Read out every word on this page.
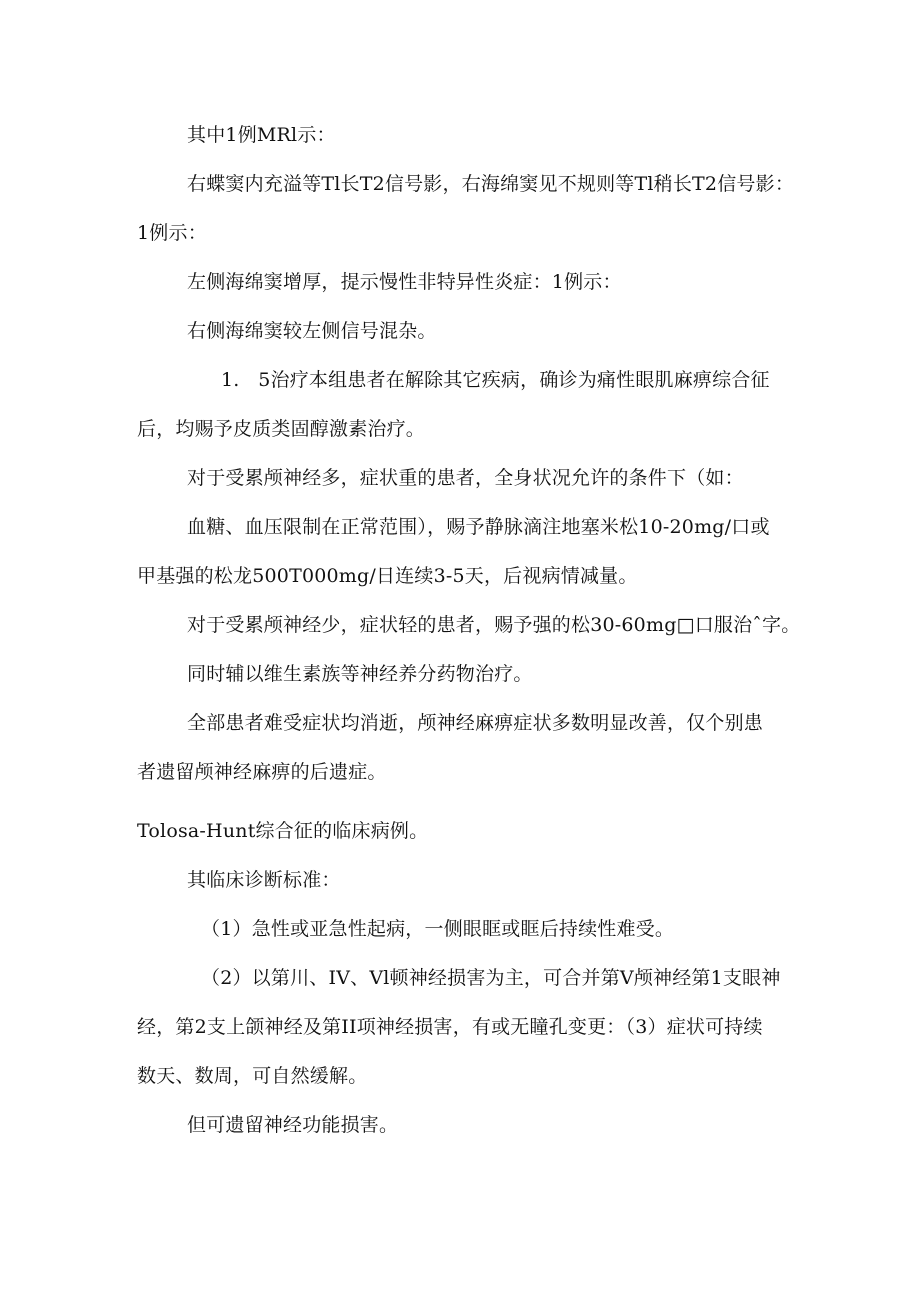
其中1例MRl示：
右蝶窦内充溢等Tl长T2信号影，右海绵窦见不规则等Tl稍长T2信号影：
1例示：
左侧海绵窦增厚，提示慢性非特异性炎症：1例示：
右侧海绵窦较左侧信号混杂。
1.   5治疗本组患者在解除其它疾病，确诊为痛性眼肌麻痹综合征
后，均赐予皮质类固醇激素治疗。
对于受累颅神经多，症状重的患者，全身状况允许的条件下（如：
血糖、血压限制在正常范围），赐予静脉滴注地塞米松10-20mg/口或
甲基强的松龙500T000mg/日连续3-5天，后视病情减量。
对于受累颅神经少，症状轻的患者，赐予强的松30-60mg□口服治ˆ字。
同时辅以维生素族等神经养分药物治疗。
全部患者难受症状均消逝，颅神经麻痹症状多数明显改善，仅个别患
者遗留颅神经麻痹的后遗症。
Tolosa-Hunt综合征的临床病例。
其临床诊断标准：
（1）急性或亚急性起病，一侧眼眶或眶后持续性难受。
（2）以第川、IV、Vl顿神经损害为主，可合并第V颅神经第1支眼神
经，第2支上颌神经及第II项神经损害，有或无瞳孔变更：（3）症状可持续
数天、数周，可自然缓解。
但可遗留神经功能损害。
